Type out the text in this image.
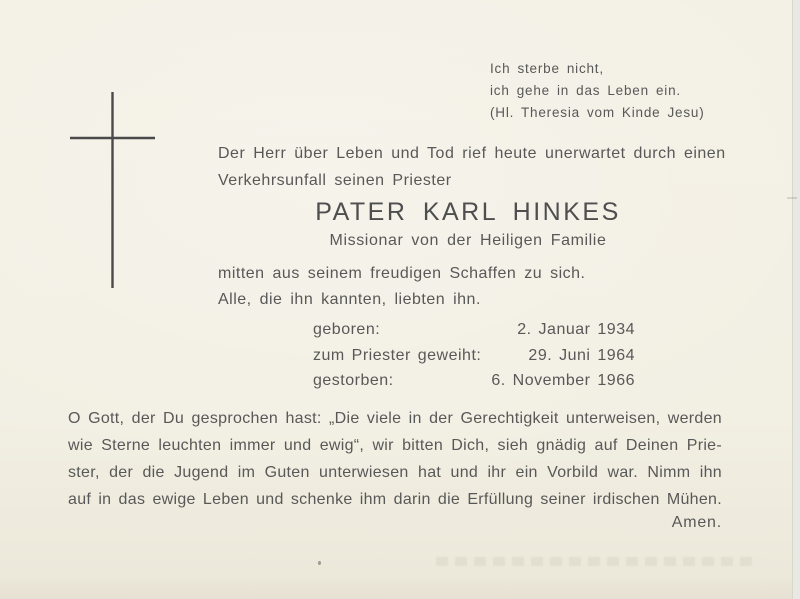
Ich sterbe nicht,
ich gehe in das Leben ein.
(Hl. Theresia vom Kinde Jesu)
Der Herr über Leben und Tod rief heute unerwartet durch einen
Verkehrsunfall seinen Priester
PATER KARL HINKES
Missionar von der Heiligen Familie
mitten aus seinem freudigen Schaffen zu sich.
Alle, die ihn kannten, liebten ihn.
geboren:	2. Januar 1934
zum Priester geweiht:	29. Juni 1964
gestorben:	6. November 1966
O Gott, der Du gesprochen hast: „Die viele in der Gerechtigkeit unterweisen, werden
wie Sterne leuchten immer und ewig“, wir bitten Dich, sieh gnädig auf Deinen Prie-
ster, der die Jugend im Guten unterwiesen hat und ihr ein Vorbild war. Nimm ihn
auf in das ewige Leben und schenke ihm darin die Erfüllung seiner irdischen Mühen.
Amen.
